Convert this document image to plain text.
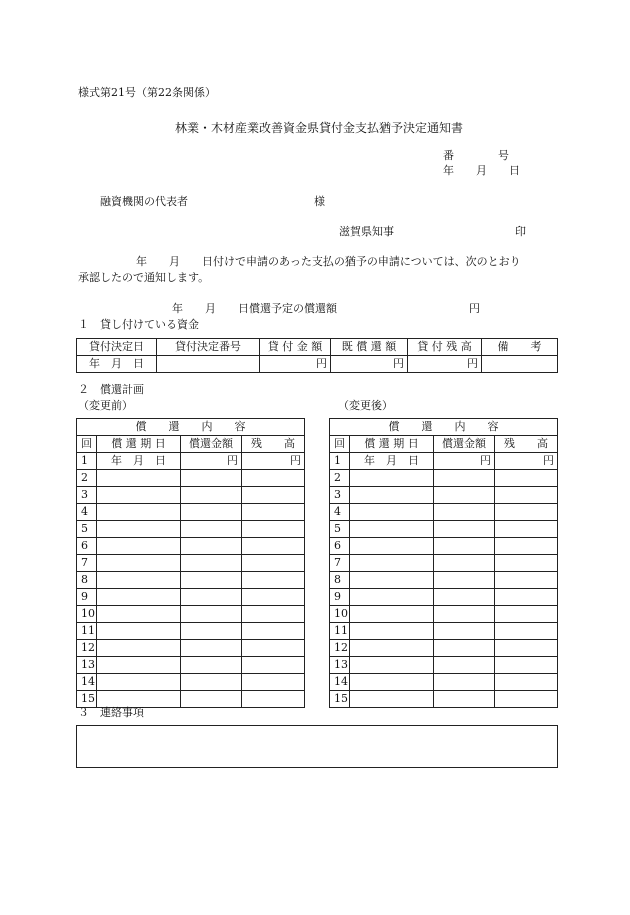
様式第21号（第22条関係）
林業・木材産業改善資金県貸付金支払猶予決定通知書
番　　　　号
年　　月　　日
融資機関の代表者	様
滋賀県知事	印
年　　月　　日付けで申請のあった支払の猶予の申請については、次のとおり
承認したので通知します。
年　　月　　日償還予定の償還額	円
１　貸し付けている資金
貸付決定日	貸付決定番号	貸 付 金 額	既 償 還 額	貸 付 残 高	備　　考
年　月　日		円	円	円	
２　償還計画
（変更前）	（変更後）
償　　還　　内　　容			
回	償 還 期 日	償還金額	残　　高
1	年　月　日	円	円
2			
3			
4			
5			
6			
7			
8			
9			
10			
11			
12			
13			
14			
15			
償　　還　　内　　容			
回	償 還 期 日	償還金額	残　　高
1	年　月　日	円	円
2			
3			
4			
5			
6			
7			
8			
9			
10			
11			
12			
13			
14			
15			
３　連絡事項
